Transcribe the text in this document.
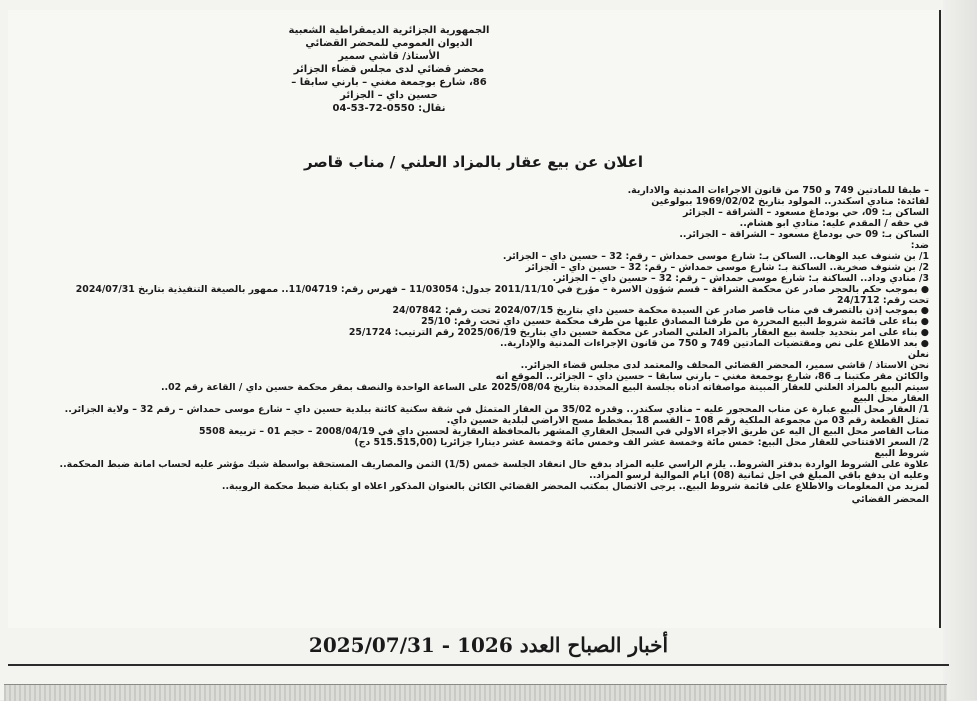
الجمهورية الجزائرية الديمقراطية الشعبية
الديوان العمومي للمحضر القضائي
الأستاذ/ قاشي سمير
محضر قضائي لدى مجلس قضاء الجزائر
86، شارع بوجمعة مغني – بارني سابقا –
حسين داي – الجزائر
نقال: 0550-72-53-04
اعلان عن بيع عقار بالمزاد العلني / مناب قاصر
– طبقا للمادتين 749 و 750 من قانون الاجراءات المدنية والادارية.
لفائدة: منادي اسكندر.. المولود بتاريخ 1969/02/02 ببولوغين
الساكن بـ: 09، حي بودماغ مسعود – الشراقة – الجزائر
في حقه / المقدم عليه: منادي أبو هشام..
الساكن بـ: 09 حي بودماغ مسعود – الشراقة – الجزائر..
ضد:
1/ بن شنوف عبد الوهاب.. الساكن بـ: شارع موسى حمداش – رقم: 32 – حسين داي – الجزائر.
2/ بن شنوف صخرية.. الساكنة بـ: شارع موسى حمداش – رقم: 32 – حسين داي – الجزائر
3/ منادي وداد.. الساكنة بـ: شارع موسى حمداش – رقم: 32 – حسين داي – الجزائر.
● بموجب حكم بالحجر صادر عن محكمة الشراقة – قسم شؤون الأسرة – مؤرخ في 2011/11/10 جدول: 11/03054 – فهرس رقم: 11/04719.. ممهور بالصيغة التنفيذية بتاريخ 2024/07/31
تحت رقم: 24/1712
● بموجب إذن بالتصرف في مناب قاصر صادر عن السيدة محكمة حسين داي بتاريخ 2024/07/15 تحت رقم: 24/07842
● بناء على قائمة شروط البيع المحررة من طرفنا المصادق عليها من طرف محكمة حسين داي تحت رقم: 25/10
● بناء على أمر بتحديد جلسة بيع العقار بالمزاد العلني الصادر عن محكمة حسين داي بتاريخ 2025/06/19 رقم الترتيب: 25/1724
● بعد الاطلاع على نص ومقتضيات المادتين 749 و 750 من قانون الإجراءات المدنية والإدارية..
نعلن
نحن الأستاذ / قاشي سمير، المحضر القضائي المحلف والمعتمد لدى مجلس قضاء الجزائر..
والكائن مقر مكتبنا بـ 86، شارع بوجمعة مغني – بارني سابقا – حسين داي – الجزائر.. الموقع أنه
سيتم البيع بالمزاد العلني للعقار المبينة مواصفاته أدناه بجلسة البيع المحددة بتاريخ 2025/08/04 على الساعة الواحدة والنصف بمقر محكمة حسين داي / القاعة رقم 02..
العقار محل البيع
1/ العقار محل البيع عبارة عن مناب المحجور عليه – منادي سكندر.. وقدره 35/02 من العقار المتمثل في شقة سكنية كائنة ببلدية حسين داي – شارع موسى حمداش – رقم 32 – ولاية الجزائر..
تمثل القطعة رقم 03 من مجموعة الملكية رقم 108 – القسم 18 بمخطط مسح الأراضي لبلدية حسين داي.
مناب القاصر محل البيع آل اليه عن طريق الاجراء الأولي في السجل العقاري المشهر بالمحافظة العقارية لحسين داي في 2008/04/19 – حجم 01 – تربيعة 5508
2/ السعر الافتتاحي للعقار محل البيع: خمس مائة وخمسة عشر ألف وخمس مائة وخمسة عشر دينارا جزائريا (515.515,00 دج)
شروط البيع
علاوة على الشروط الواردة بدفتر الشروط.. يلزم الراسي عليه المزاد بدفع حال انعقاد الجلسة خمس (1/5) الثمن والمصاريف المستحقة بواسطة شيك مؤشر عليه لحساب أمانة ضبط المحكمة..
وعليه أن يدفع باقي المبلغ في أجل ثمانية (08) أيام الموالية لرسو المزاد..
لمزيد من المعلومات والاطلاع على قائمة شروط البيع.. يرجى الاتصال بمكتب المحضر القضائي الكائن بالعنوان المذكور أعلاه أو بكتابة ضبط محكمة الرويبة..
المحضر القضائي
أخبار الصباح العدد 1026 - 2025/07/31
